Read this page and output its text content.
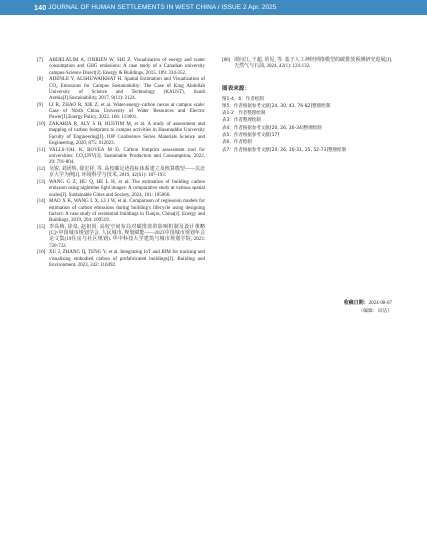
140 JOURNAL OF HUMAN SETTLEMENTS IN WEST CHINA / ISSUE 2 Apr. 2025
[7]	ABDELALIM A, O'BRIEN W, SHI Z. Visualization of energy and water consumption and GHG emissions: A case study of a Canadian university campus-Science Direct[J]. Energy & Buildings, 2015, 109: 334-352.
[8]	ADENLE Y, ALSHUWAIKHAT H. Spatial Estimation and Visualization of CO₂ Emissions for Campus Sustainability: The Case of King Abdullah University of Science and Technology (KAUST), Saudi Arabia[J].Sustainability, 2017, 9(11): 2124.
[9]	LI R, ZHAO R, XIE Z, et al. Water-energy-carbon nexus at campus scale: Case of North China University of Water Resources and Electric Power[J].Energy Policy, 2022, 166: 113001.
[10] ZAKARIA R, ALY S H, HUSTIM M, et al. A study of assessment and mapping of carbon footprints to campus activities in Hasanuddin University Faculty of Engineering[J]. IOP Conference Series Materials Science and Engineering, 2020, 875: 012023.
[11] VALLS-VAL K, BOVEA M D. Carbon footprint assessment tool for universities: CO₂UNV[J]. Sustainable Production and Consumption, 2022, 29: 791-804.
[12] 吴锐, 刘团辉, 徐宏祥, 等. 高校碳足迹指标体系建立及核算模型——以北京大学为例[J]. 环境科学与技术, 2019, 42(S1): 187-193.
[13] WANG G Z, HU Q, HE L H, et al. The estimation of building carbon emission using nighttime light images: A comparative study at various spatial scales[J]. Sustainable Cities and Society, 2024, 101: 105066.
[14] MAO X K, WANG L X, LI J W, et al. Comparison of regression models for estimation of carbon emissions during building's lifecycle using designing factors: A case study of residential buildings in Tianjin, China[J]. Energy and Buildings, 2019, 204: 109519.
[15] 李高梅, 徐泉, 赵祖尚. 高校空间布局对碳排放的影响机制及设计策略[C]//中国城市规划学会. 人民城市, 规划赋能——2023中国城市规划年会论文集(19住房与社区规划). 华中科技大学建筑与城市规划学院, 2023: 720-732.
[16] XU J, ZHANG Q, TENG Y, et al. Integrating IoT and BIM for tracking and visualising embodied carbon of prefabricated buildings[J]. Building and Environment, 2023, 242: 110492.
[88] 谭问江, 王超, 常见, 等. 基于人工神经网络模型的碳排放预测研究进展[J]. 天然气与石油, 2024, 42(1): 124-132.
图表来源：
图1-4、6：作者绘制
图5：作者根据参考文献[24, 30, 43, 76-82]整理绘制
表1-2：作者整理绘制
表3：作者整理绘制
表4：作者根据参考文献[20, 26, 30-34]整理绘制
表5：作者根据参考文献[17]
表6：作者绘制
表7：作者根据参考文献[20, 26, 30-31, 35, 52-73]整理绘制
收稿日期：2024-08-07
（编辑：田洁）
